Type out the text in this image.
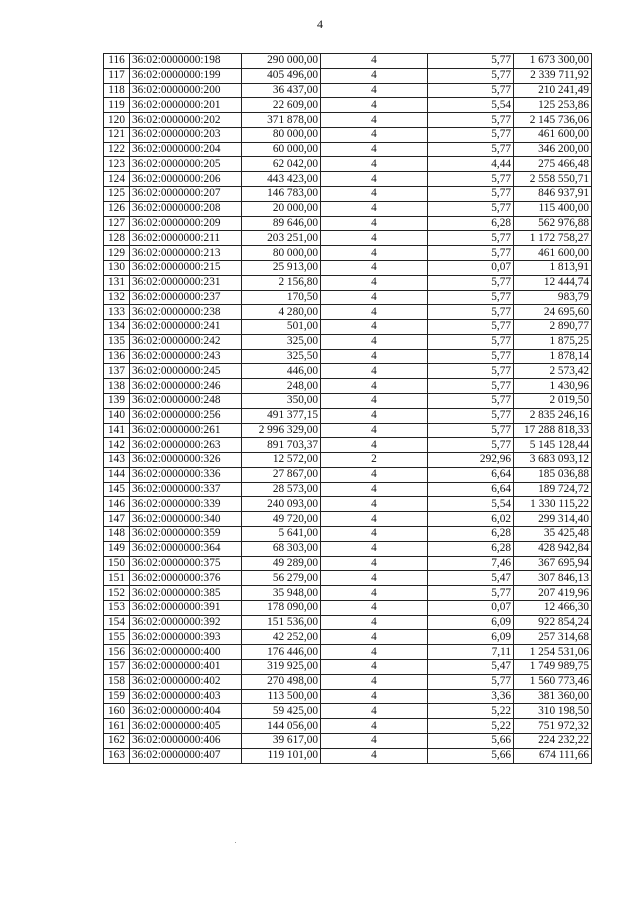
4
116	36:02:0000000:198	290 000,00	4	5,77	1 673 300,00
117	36:02:0000000:199	405 496,00	4	5,77	2 339 711,92
118	36:02:0000000:200	36 437,00	4	5,77	210 241,49
119	36:02:0000000:201	22 609,00	4	5,54	125 253,86
120	36:02:0000000:202	371 878,00	4	5,77	2 145 736,06
121	36:02:0000000:203	80 000,00	4	5,77	461 600,00
122	36:02:0000000:204	60 000,00	4	5,77	346 200,00
123	36:02:0000000:205	62 042,00	4	4,44	275 466,48
124	36:02:0000000:206	443 423,00	4	5,77	2 558 550,71
125	36:02:0000000:207	146 783,00	4	5,77	846 937,91
126	36:02:0000000:208	20 000,00	4	5,77	115 400,00
127	36:02:0000000:209	89 646,00	4	6,28	562 976,88
128	36:02:0000000:211	203 251,00	4	5,77	1 172 758,27
129	36:02:0000000:213	80 000,00	4	5,77	461 600,00
130	36:02:0000000:215	25 913,00	4	0,07	1 813,91
131	36:02:0000000:231	2 156,80	4	5,77	12 444,74
132	36:02:0000000:237	170,50	4	5,77	983,79
133	36:02:0000000:238	4 280,00	4	5,77	24 695,60
134	36:02:0000000:241	501,00	4	5,77	2 890,77
135	36:02:0000000:242	325,00	4	5,77	1 875,25
136	36:02:0000000:243	325,50	4	5,77	1 878,14
137	36:02:0000000:245	446,00	4	5,77	2 573,42
138	36:02:0000000:246	248,00	4	5,77	1 430,96
139	36:02:0000000:248	350,00	4	5,77	2 019,50
140	36:02:0000000:256	491 377,15	4	5,77	2 835 246,16
141	36:02:0000000:261	2 996 329,00	4	5,77	17 288 818,33
142	36:02:0000000:263	891 703,37	4	5,77	5 145 128,44
143	36:02:0000000:326	12 572,00	2	292,96	3 683 093,12
144	36:02:0000000:336	27 867,00	4	6,64	185 036,88
145	36:02:0000000:337	28 573,00	4	6,64	189 724,72
146	36:02:0000000:339	240 093,00	4	5,54	1 330 115,22
147	36:02:0000000:340	49 720,00	4	6,02	299 314,40
148	36:02:0000000:359	5 641,00	4	6,28	35 425,48
149	36:02:0000000:364	68 303,00	4	6,28	428 942,84
150	36:02:0000000:375	49 289,00	4	7,46	367 695,94
151	36:02:0000000:376	56 279,00	4	5,47	307 846,13
152	36:02:0000000:385	35 948,00	4	5,77	207 419,96
153	36:02:0000000:391	178 090,00	4	0,07	12 466,30
154	36:02:0000000:392	151 536,00	4	6,09	922 854,24
155	36:02:0000000:393	42 252,00	4	6,09	257 314,68
156	36:02:0000000:400	176 446,00	4	7,11	1 254 531,06
157	36:02:0000000:401	319 925,00	4	5,47	1 749 989,75
158	36:02:0000000:402	270 498,00	4	5,77	1 560 773,46
159	36:02:0000000:403	113 500,00	4	3,36	381 360,00
160	36:02:0000000:404	59 425,00	4	5,22	310 198,50
161	36:02:0000000:405	144 056,00	4	5,22	751 972,32
162	36:02:0000000:406	39 617,00	4	5,66	224 232,22
163	36:02:0000000:407	119 101,00	4	5,66	674 111,66
